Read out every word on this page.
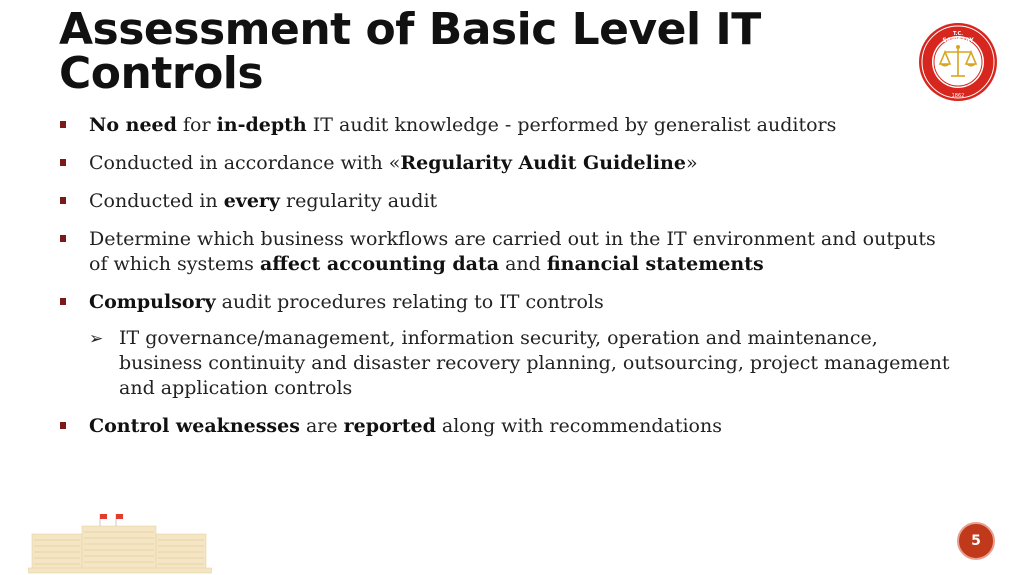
Assessment of Basic Level IT Controls
T.C.
SAYIŞTAY
1862
No need for in-depth IT audit knowledge - performed by generalist auditors
Conducted in accordance with «Regularity Audit Guideline»
Conducted in every regularity audit
Determine which business workflows are carried out in the IT environment and outputs of which systems affect accounting data and financial statements
Compulsory audit procedures relating to IT controls
➢ IT governance/management, information security, operation and maintenance, business continuity and disaster recovery planning, outsourcing, project management and application controls
Control weaknesses are reported along with recommendations
5
